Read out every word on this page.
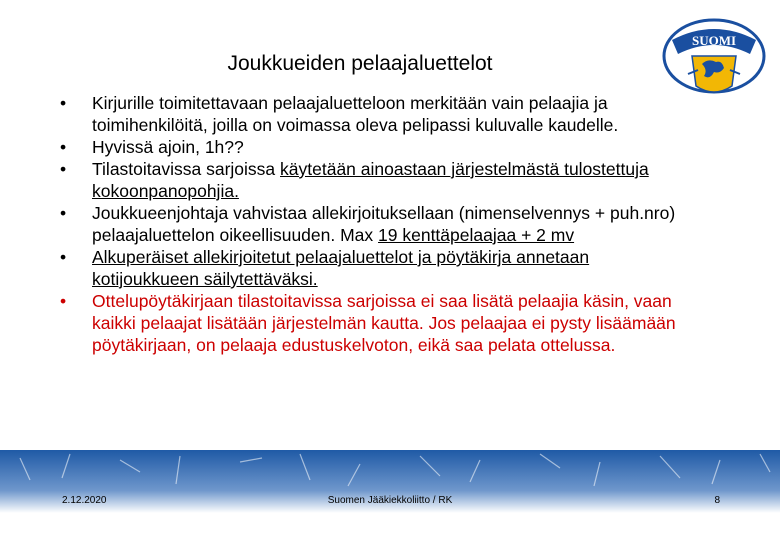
Joukkueiden pelaajaluettelot
SUOMI
•	Kirjurille toimitettavaan pelaajaluetteloon merkitään vain pelaajia ja toimihenkilöitä, joilla on voimassa oleva pelipassi kuluvalle kaudelle.
•	Hyvissä ajoin, 1h??
•	Tilastoitavissa sarjoissa käytetään ainoastaan järjestelmästä tulostettuja kokoonpanopohjia.
•	Joukkueenjohtaja vahvistaa allekirjoituksellaan (nimenselvennys + puh.nro) pelaajaluettelon oikeellisuuden. Max 19 kenttäpelaajaa + 2 mv
•	Alkuperäiset allekirjoitetut pelaajaluettelot ja pöytäkirja annetaan kotijoukkueen säilytettäväksi.
•	Ottelupöytäkirjaan tilastoitavissa sarjoissa ei saa lisätä pelaajia käsin, vaan kaikki pelaajat lisätään järjestelmän kautta. Jos pelaajaa ei pysty lisäämään pöytäkirjaan, on pelaaja edustuskelvoton, eikä saa pelata ottelussa.
2.12.2020	Suomen Jääkiekkoliitto / RK	8
